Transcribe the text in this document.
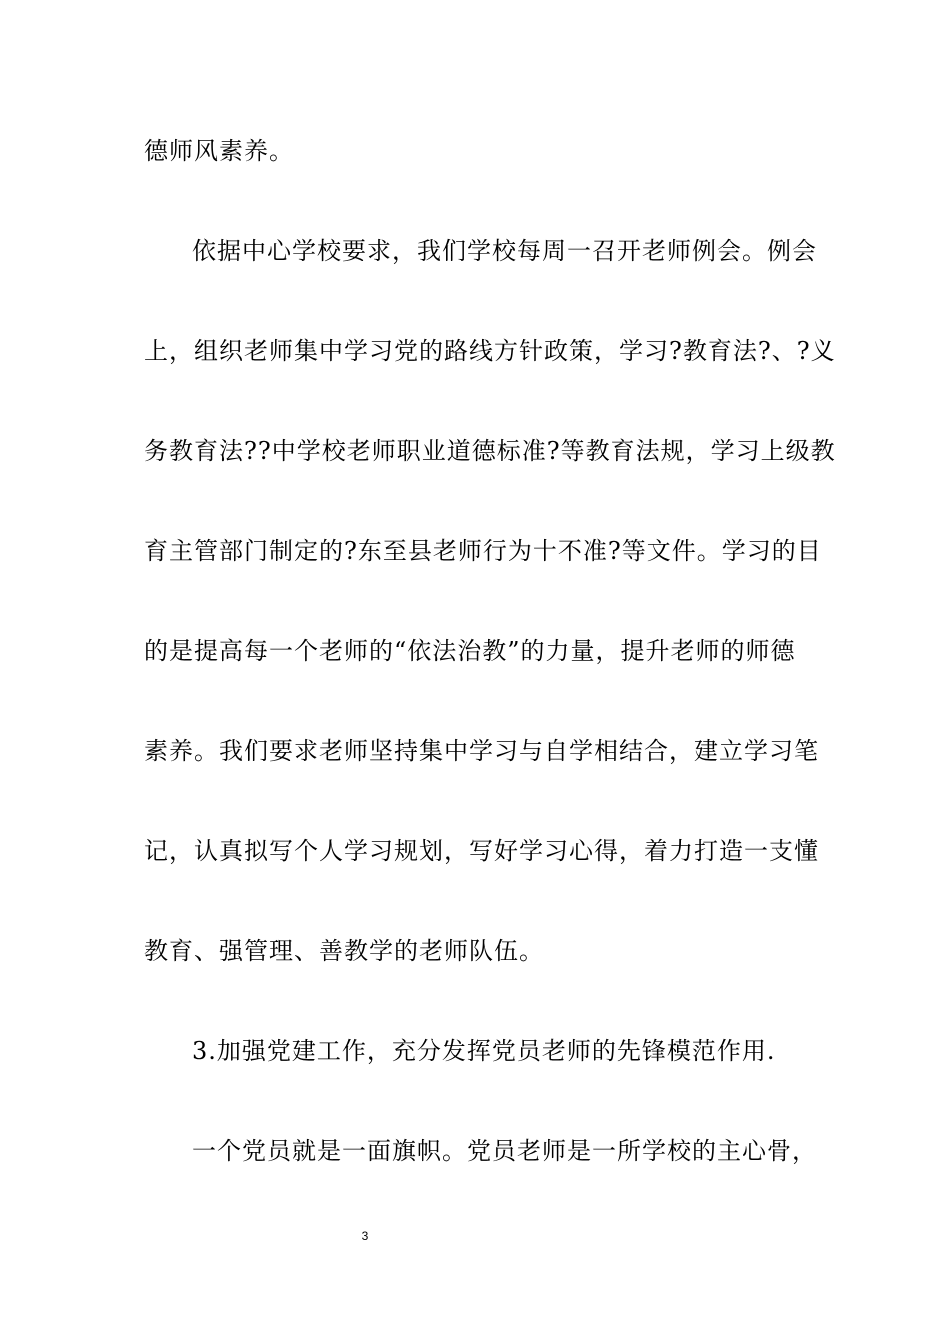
德师风素养。
依据中心学校要求，我们学校每周一召开老师例会。例会
上，组织老师集中学习党的路线方针政策，学习?教育法?、?义
务教育法??中学校老师职业道德标准?等教育法规，学习上级教
育主管部门制定的?东至县老师行为十不准?等文件。学习的目
的是提高每一个老师的“依法治教”的力量，提升老师的师德
素养。我们要求老师坚持集中学习与自学相结合，建立学习笔
记，认真拟写个人学习规划，写好学习心得，着力打造一支懂
教育、强管理、善教学的老师队伍。
3.加强党建工作，充分发挥党员老师的先锋模范作用.
一个党员就是一面旗帜。党员老师是一所学校的主心骨，
3
